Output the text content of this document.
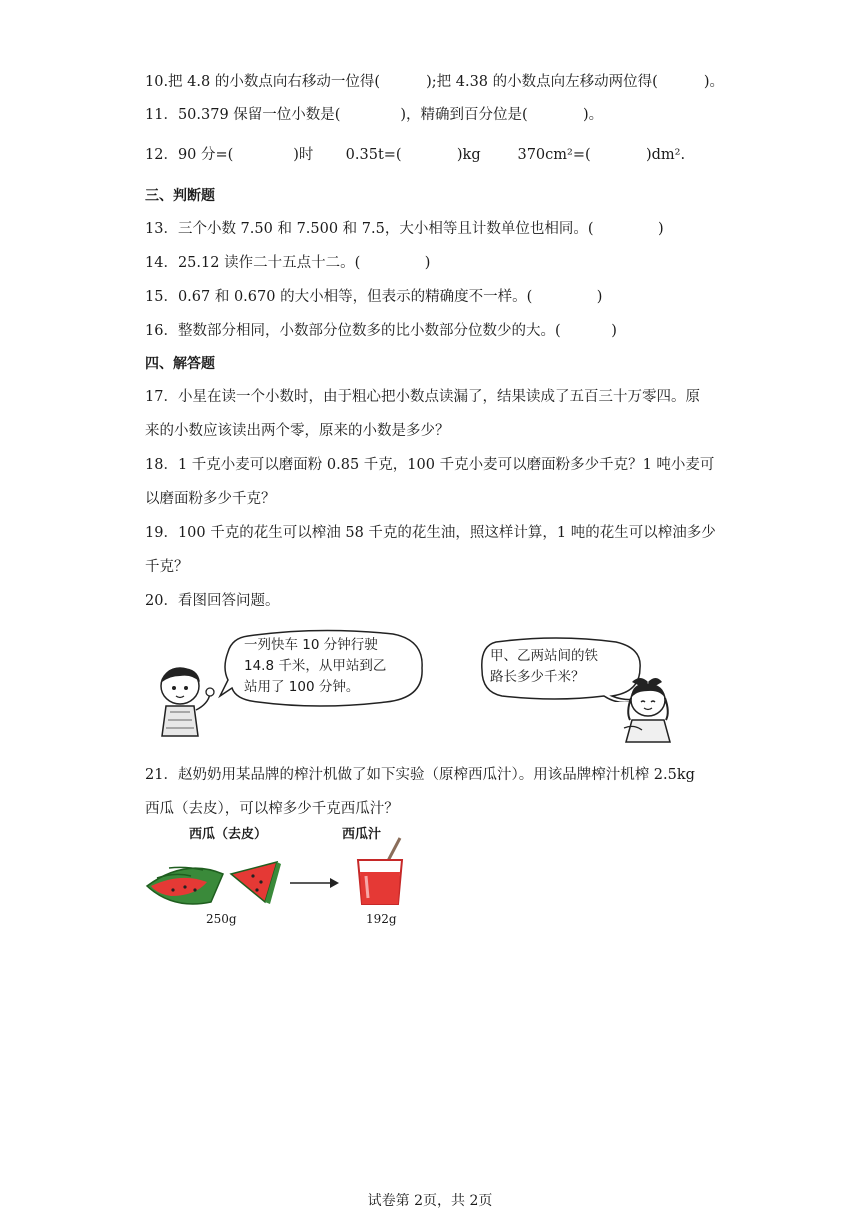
10.把 4.8 的小数点向右移动一位得(          );把 4.38 的小数点向左移动两位得(          )。
11．50.379 保留一位小数是(             )，精确到百分位是(            )。
12．90 分=(             )时       0.35t=(            )kg        370cm²=(            )dm².
三、判断题
13．三个小数 7.50 和 7.500 和 7.5，大小相等且计数单位也相同。(              )
14．25.12 读作二十五点十二。(              )
15．0.67 和 0.670 的大小相等，但表示的精确度不一样。(              )
16．整数部分相同，小数部分位数多的比小数部分位数少的大。(           )
四、解答题
17．小星在读一个小数时，由于粗心把小数点读漏了，结果读成了五百三十万零四。原
来的小数应该读出两个零，原来的小数是多少？
18．1 千克小麦可以磨面粉 0.85 千克，100 千克小麦可以磨面粉多少千克？1 吨小麦可
以磨面粉多少千克？
19．100 千克的花生可以榨油 58 千克的花生油，照这样计算，1 吨的花生可以榨油多少
千克？
20．看图回答问题。
一列快车 10 分钟行驶
14.8 千米，从甲站到乙
站用了 100 分钟。
甲、乙两站间的铁
路长多少千米？
21．赵奶奶用某品牌的榨汁机做了如下实验（原榨西瓜汁）。用该品牌榨汁机榨 2.5kg
西瓜（去皮），可以榨多少千克西瓜汁？
西瓜（去皮）	西瓜汁
250g	192g
试卷第 2页，共 2页
